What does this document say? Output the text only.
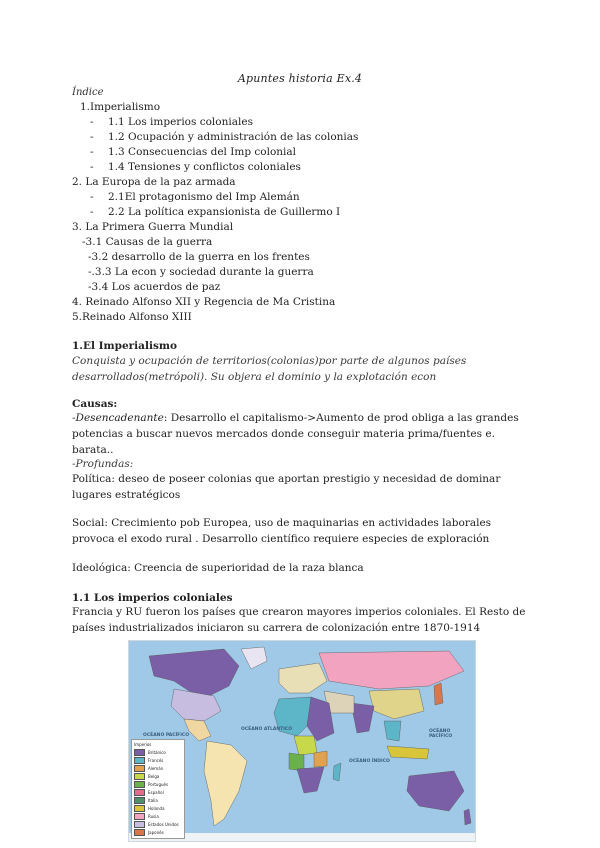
Apuntes historia Ex.4
Índice
1.Imperialismo
- 1.1 Los imperios coloniales
- 1.2 Ocupación y administración de las colonias
- 1.3 Consecuencias del Imp colonial
- 1.4 Tensiones y conflictos coloniales
2. La Europa de la paz armada
- 2.1El protagonismo del Imp Alemán
- 2.2 La política expansionista de Guillermo I
3. La Primera Guerra Mundial
-3.1 Causas de la guerra
-3.2 desarrollo de la guerra en los frentes
-.3.3 La econ y sociedad durante la guerra
-3.4 Los acuerdos de paz
4. Reinado Alfonso XII y Regencia de Ma Cristina
5.Reinado Alfonso XIII
1.El Imperialismo
Conquista y ocupación de territorios(colonias)por parte de algunos países desarrollados(metrópoli). Su objera el dominio y la explotación econ
Causas:
-Desencadenante: Desarrollo el capitalismo->Aumento de prod obliga a las grandes potencias a buscar nuevos mercados donde conseguir materia prima/fuentes e. barata..
-Profundas:
Política: deseo de poseer colonias que aportan prestigio y necesidad de dominar lugares estratégicos
Social: Crecimiento pob Europea, uso de maquinarias en actividades laborales provoca el exodo rural . Desarrollo científico requiere especies de exploración
Ideológica: Creencia de superioridad de la raza blanca
1.1 Los imperios coloniales
Francia y RU fueron los países que crearon mayores imperios coloniales. El Resto de países industrializados iniciaron su carrera de colonización entre 1870-1914
OCÉANO PACÍFICO
OCÉANO ATLÁNTICO
OCÉANO ÍNDICO
OCÉANO PACÍFICO
Imperios
Británico
Francés
Alemán
Belga
Portugués
Español
Italia
Holanda
Rusia
Estados Unidos
Japonés
